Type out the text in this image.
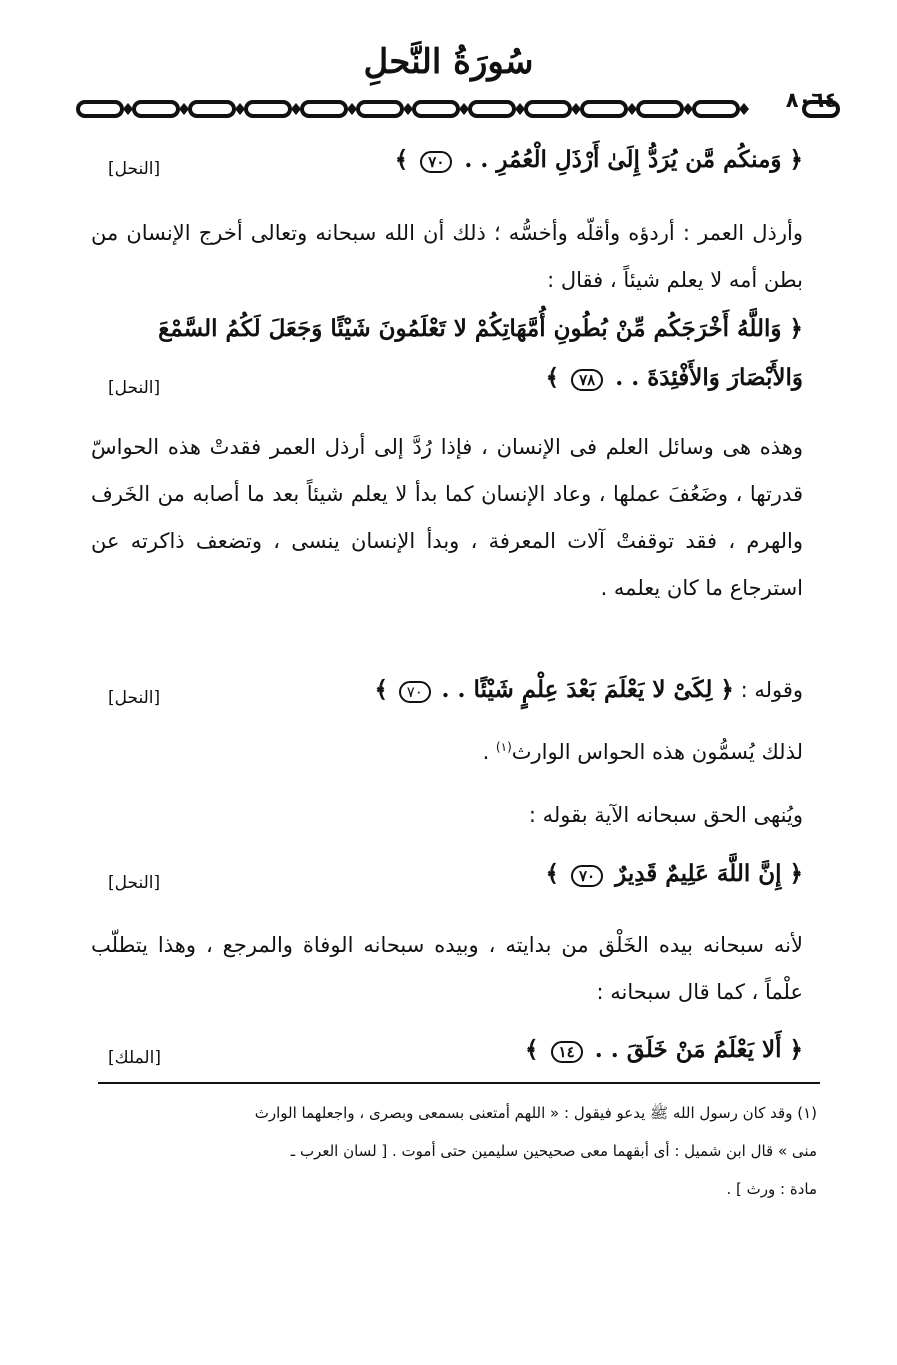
سُورَةُ النَّحلِ
٨٠٦٤
﴿ وَمنكُم مَّن يُرَدُّ إِلَىٰ أَرْذَلِ الْعُمُرِ . . ٧٠ ﴾
[النحل]
وأرذل العمر : أردؤه وأقلّه وأخسُّه ؛ ذلك أن الله سبحانه وتعالى أخرج الإنسان من بطن أمه لا يعلم شيئاً ، فقال :
﴿ وَاللَّهُ أَخْرَجَكُم مِّنْ بُطُونِ أُمَّهَاتِكُمْ لا تَعْلَمُونَ شَيْئًا وَجَعَلَ لَكُمُ السَّمْعَ
وَالأَبْصَارَ وَالأَفْئِدَةَ . . ٧٨ ﴾
[النحل]
وهذه هى وسائل العلم فى الإنسان ، فإذا رُدَّ إلى أرذل العمر فقدتْ هذه الحواسّ قدرتها ، وضَعُفَ عملها ، وعاد الإنسان كما بدأ لا يعلم شيئاً بعد ما أصابه من الخَرف والهرم ، فقد توقفتْ آلات المعرفة ، وبدأ الإنسان ينسى ، وتضعف ذاكرته عن استرجاع ما كان يعلمه .
وقوله : ﴿ لِكَىْ لا يَعْلَمَ بَعْدَ عِلْمٍ شَيْئًا . . ٧٠ ﴾
[النحل]
لذلك يُسمُّون هذه الحواس الوارث$^{(١)}$ .
ويُنهى الحق سبحانه الآية بقوله :
﴿ إِنَّ اللَّهَ عَلِيمٌ قَدِيرٌ ٧٠ ﴾
[النحل]
لأنه سبحانه بيده الخَلْق من بدايته ، وبيده سبحانه الوفاة والمرجع ، وهذا يتطلّب علْماً ، كما قال سبحانه :
﴿ أَلا يَعْلَمُ مَنْ خَلَقَ . . ١٤ ﴾
[الملك]
(١) وقد كان رسول الله ﷺ يدعو فيقول : « اللهم أمتعنى بسمعى وبصرى ، واجعلهما الوارث
منى » قال ابن شميل : أى أبقهما معى صحيحين سليمين حتى أموت . [ لسان العرب ـ
مادة : ورث ] .
